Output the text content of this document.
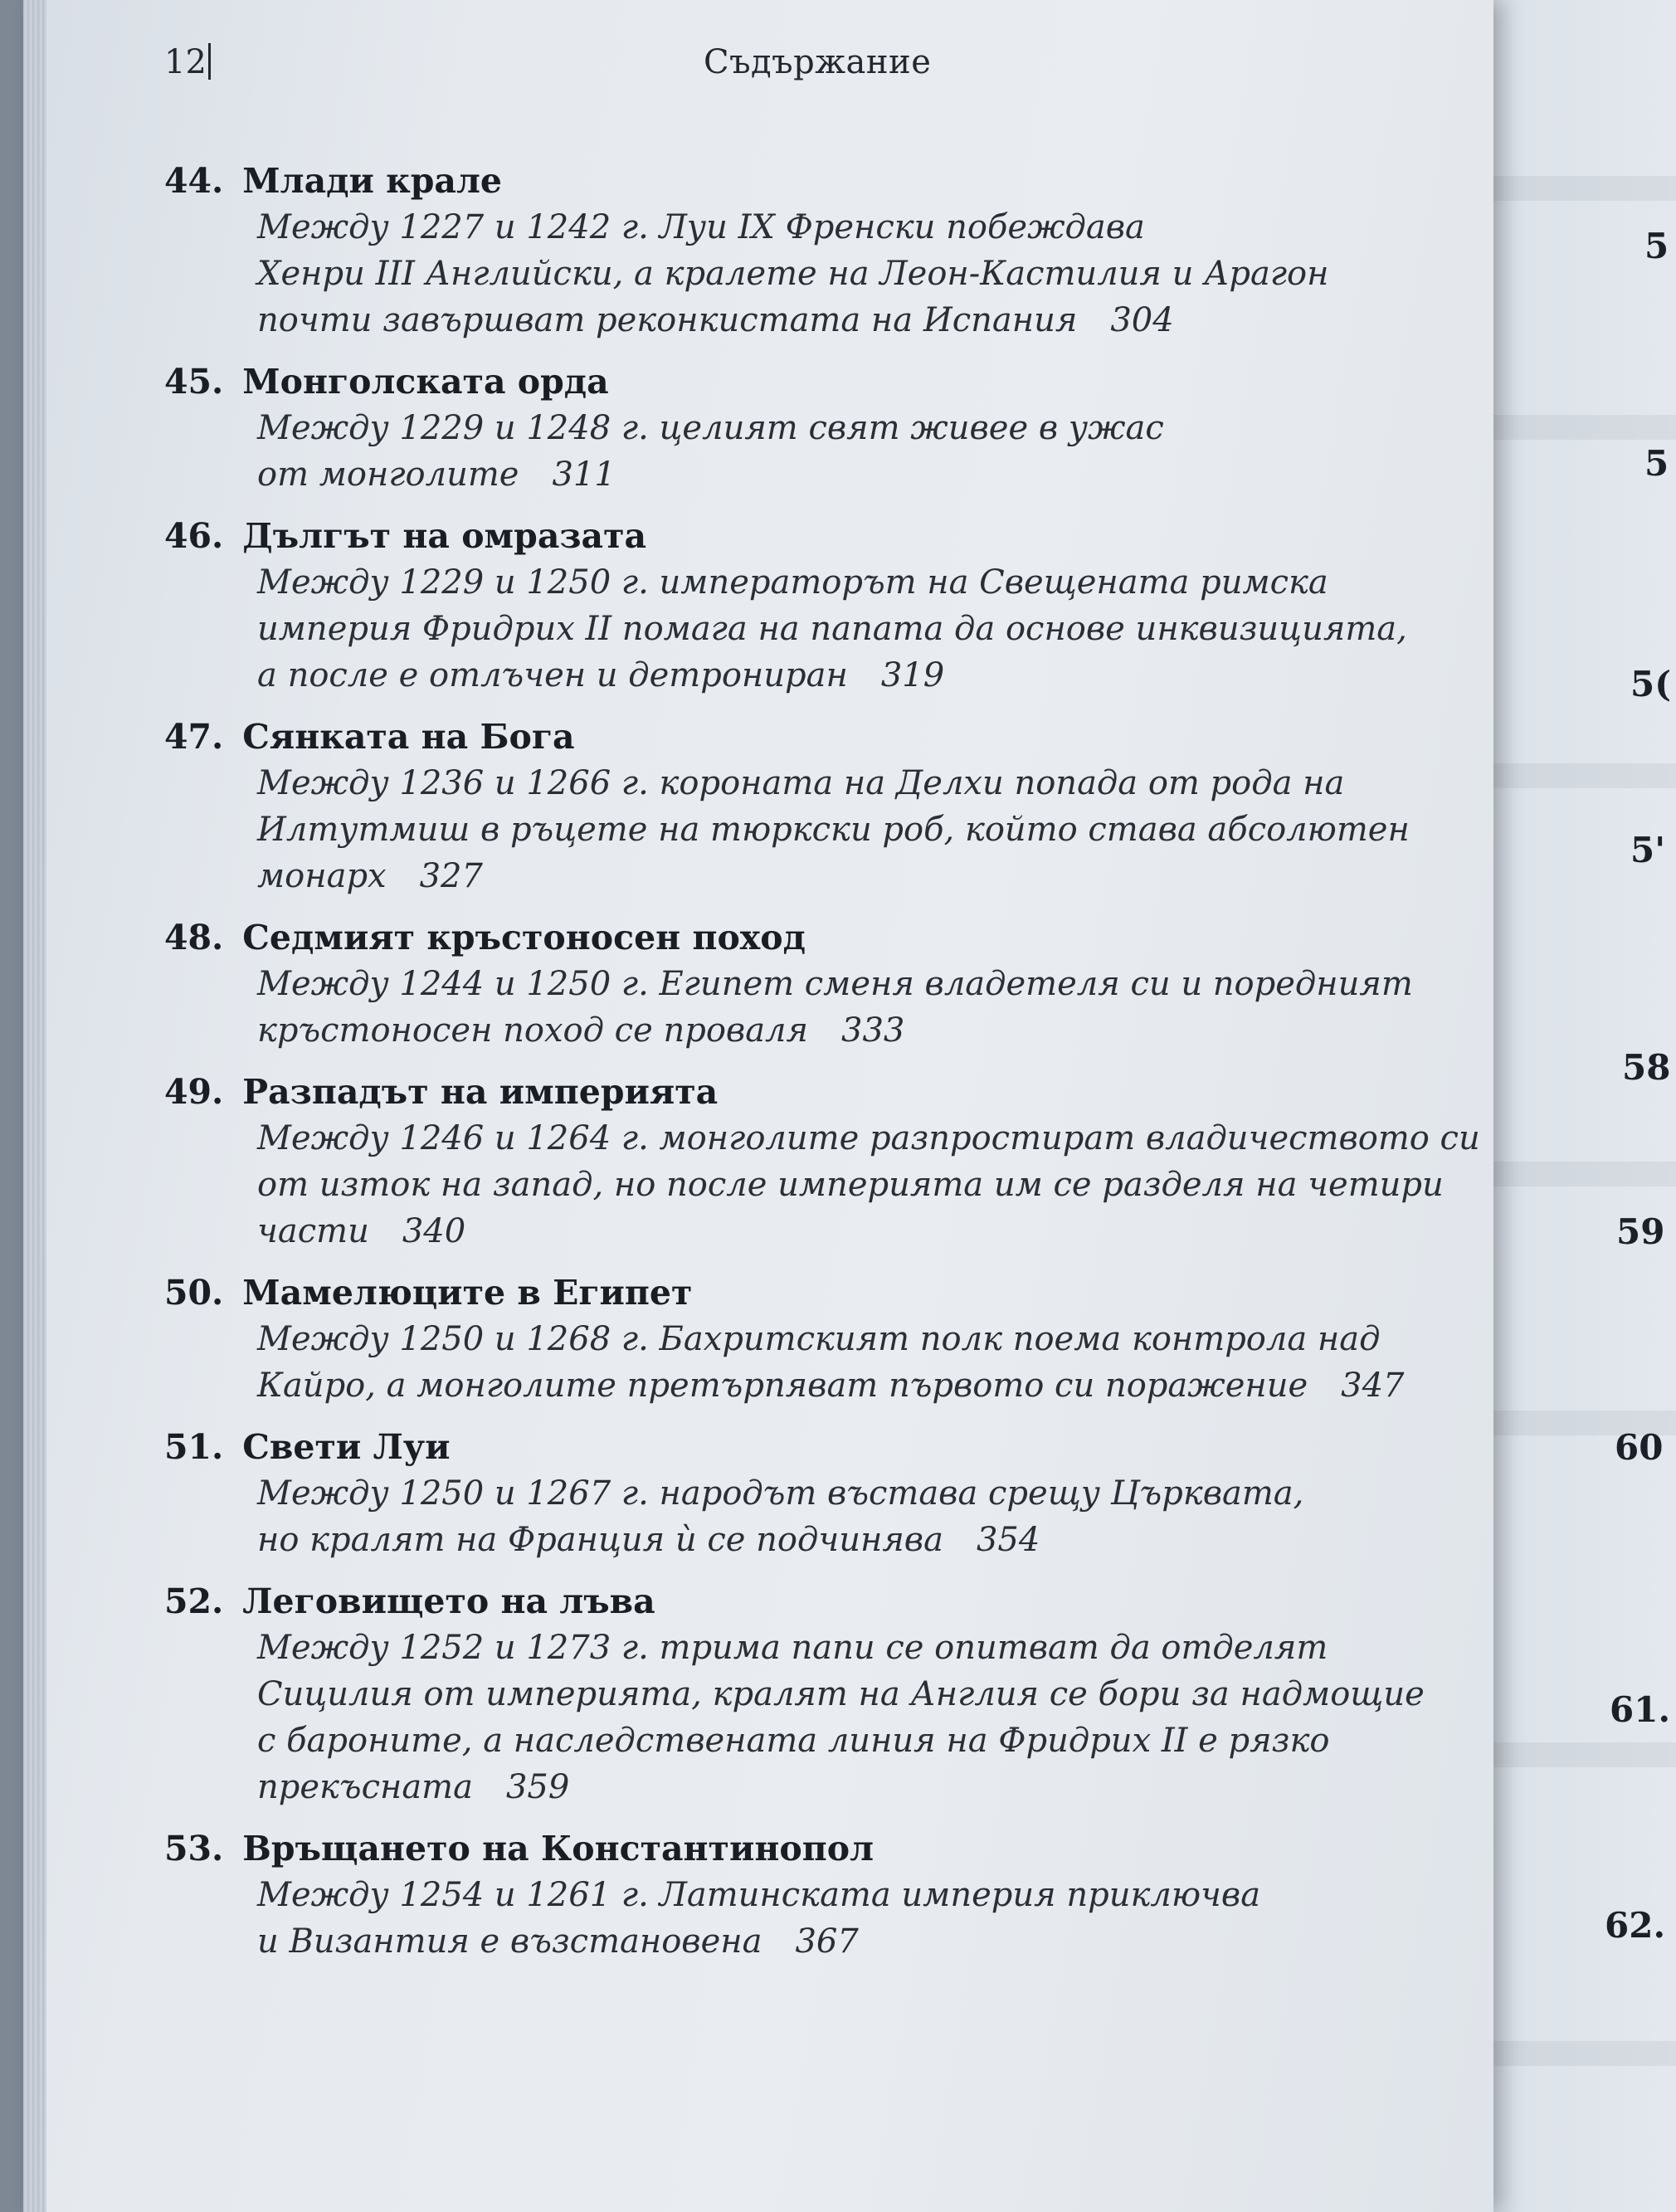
5
5
5(
5'
58
59
60
61.
62.
12	Съдържание
44. Млади крале
Между 1227 и 1242 г. Луи IX Френски побеждава
Хенри III Английски, а кралете на Леон-Кастилия и Арагон
почти завършват реконкистата на Испания 304
45. Монголската орда
Между 1229 и 1248 г. целият свят живее в ужас
от монголите 311
46. Дългът на омразата
Между 1229 и 1250 г. императорът на Свещената римска
империя Фридрих II помага на папата да основе инквизицията,
а после е отлъчен и детрониран 319
47. Сянката на Бога
Между 1236 и 1266 г. короната на Делхи попада от рода на
Илтутмиш в ръцете на тюркски роб, който става абсолютен
монарх 327
48. Седмият кръстоносен поход
Между 1244 и 1250 г. Египет сменя владетеля си и поредният
кръстоносен поход се проваля 333
49. Разпадът на империята
Между 1246 и 1264 г. монголите разпростират владичеството си
от изток на запад, но после империята им се разделя на четири
части 340
50. Мамелюците в Египет
Между 1250 и 1268 г. Бахритският полк поема контрола над
Кайро, а монголите претърпяват първото си поражение 347
51. Свети Луи
Между 1250 и 1267 г. народът въстава срещу Църквата,
но кралят на Франция ѝ се подчинява 354
52. Леговището на лъва
Между 1252 и 1273 г. трима папи се опитват да отделят
Сицилия от империята, кралят на Англия се бори за надмощие
с бароните, а наследствената линия на Фридрих II е рязко
прекъсната 359
53. Връщането на Константинопол
Между 1254 и 1261 г. Латинската империя приключва
и Византия е възстановена 367
